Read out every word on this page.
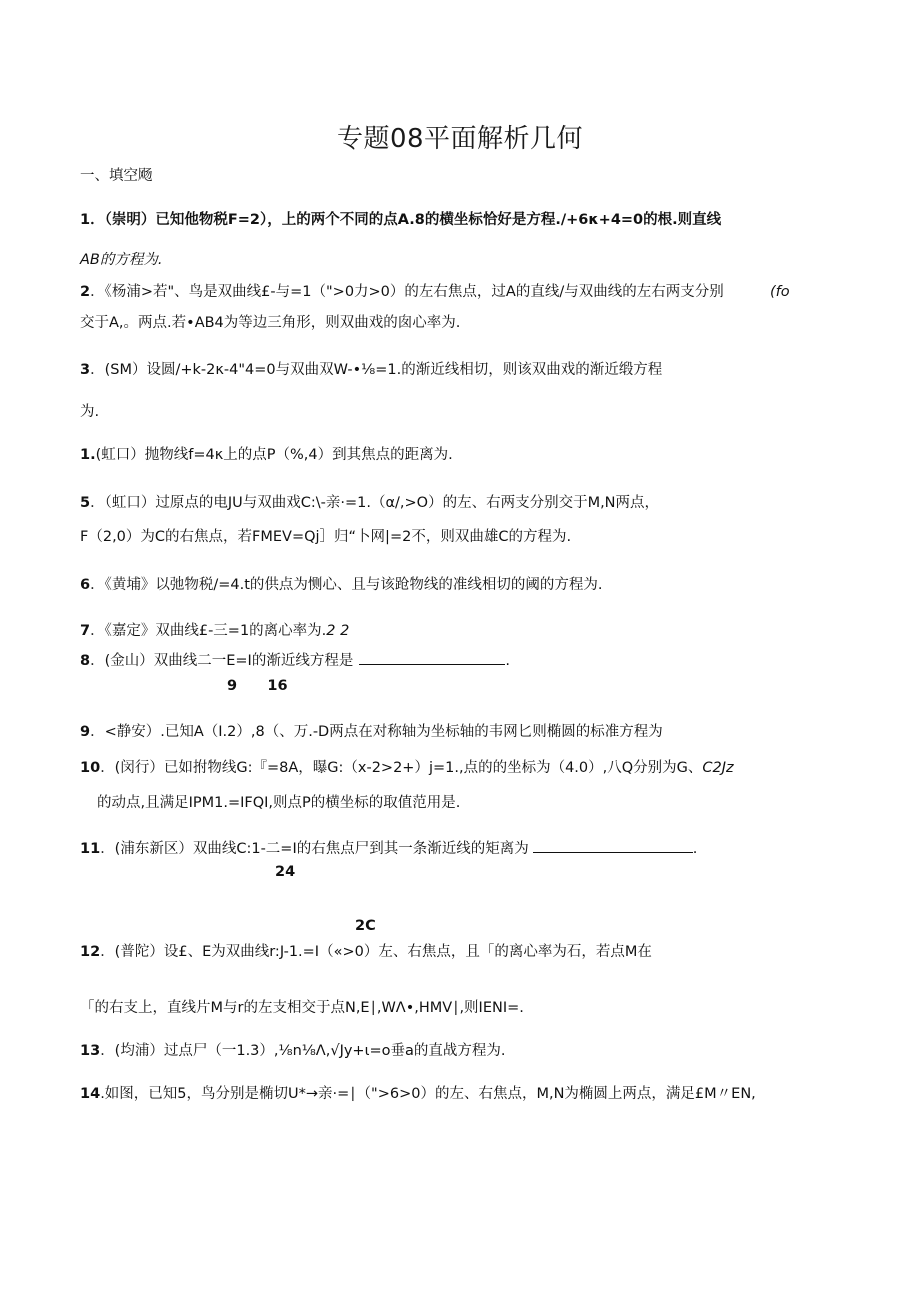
专题08平面解析几何
一、填空飏
1．（崇明）已知他物税F=2），上的两个不同的点A.8的横坐标恰好是方程./+6κ+4=0的根.则直线
AB的方程为.
2．《杨浦>若"、鸟是双曲线£-与=1（">0力>0）的左右焦点，过A的直线/与双曲线的左右两支分别	(fo
交于A,。两点.若•AB4为等边三角形，则双曲戏的囱心率为.
3．(SM）设圆/+k-2κ-4"4=0与双曲双W-•⅛=1.的渐近线相切，则该双曲戏的渐近缎方程
为.
1.(虹口）抛物线f=4κ上的点P（%,4）到其焦点的距离为.
5．（虹口）过原点的电JU与双曲戏C:\-亲·=1.（α∕,>O）的左、右两支分别交于M,N两点，
F（2,0）为C的右焦点，若FMEV=Qj］归“卜网|=2不，则双曲雄C的方程为.
6．《黄埔》以弛物税/=4.t的供点为恻心、且与该跄物线的准线相切的阈的方程为.
7．《嘉定》双曲线£-三=1的离心率为.2 2
8．(金山）双曲线二一E=I的渐近线方程是	.
9      16
9．<静安）.已知A（I.2）,8（、万.-D两点在对称轴为坐标轴的韦网匕则椭圆的标准方程为
10．(闵行）已如拊物线G:『=8A，曝G:（x-2>2+）j=1.,点的的坐标为（4.0）,八Q分别为G、C2Jz
的动点,且满足IPM1.=IFQI,则点P的横坐标的取值范用是.
11．(浦东新区）双曲线C:1-二=I的右焦点尸到其一条渐近线的矩离为	.
24
2C
12．(普陀）设£、E为双曲线r:J-1.=I（«>0）左、右焦点，且「的离心率为石，若点M在
「的右支上，直线片M与r的左支相交于点N,E∣,WΛ•,HMV∣,则IENI=.
13．(均浦）过点尸（一1.3）,⅛n⅛Λ,√Jy+ι=o垂a的直战方程为.
14.如图，已知5，鸟分别是椭切U*→亲·=∣（">6>0）的左、右焦点，M,N为椭圆上两点，满足£M〃EN,
